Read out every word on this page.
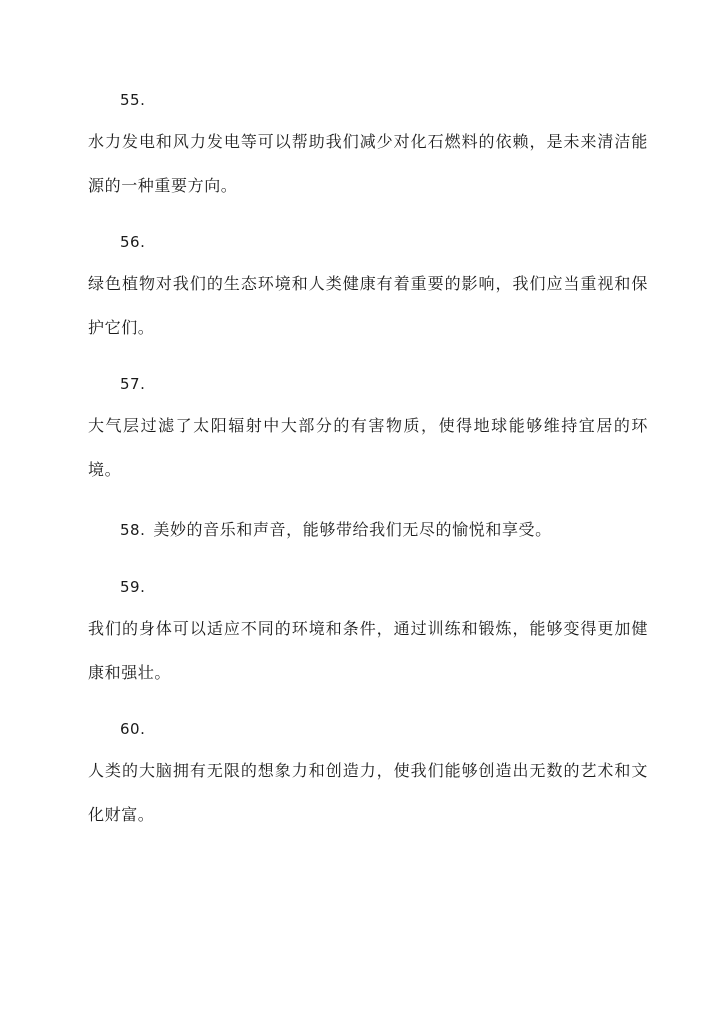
55.

水力发电和风力发电等可以帮助我们减少对化石燃料的依赖，是未来清洁能源的一种重要方向。

56.

绿色植物对我们的生态环境和人类健康有着重要的影响，我们应当重视和保护它们。

57.

大气层过滤了太阳辐射中大部分的有害物质，使得地球能够维持宜居的环境。

58. 美妙的音乐和声音，能够带给我们无尽的愉悦和享受。
59.

我们的身体可以适应不同的环境和条件，通过训练和锻炼，能够变得更加健康和强壮。

60.

人类的大脑拥有无限的想象力和创造力，使我们能够创造出无数的艺术和文化财富。
